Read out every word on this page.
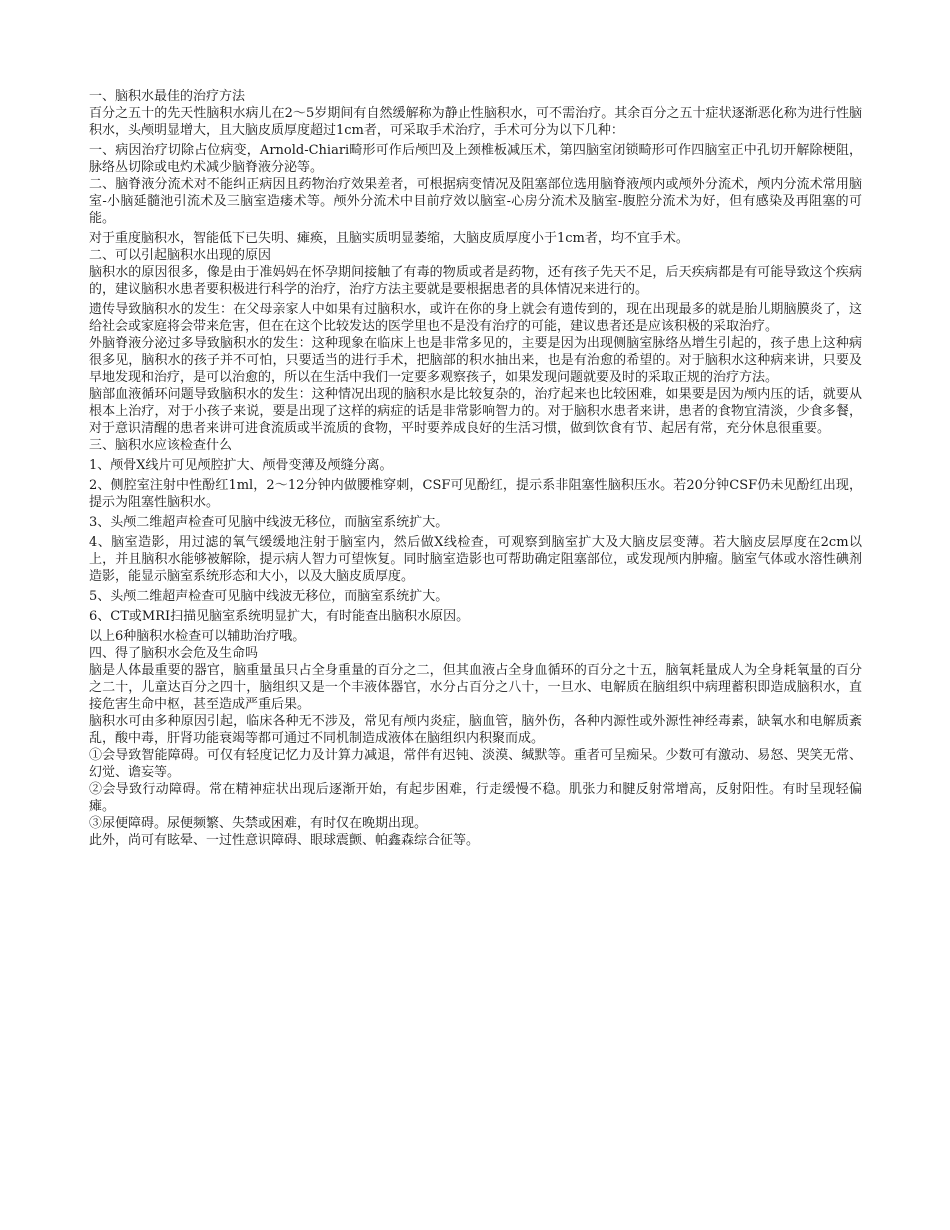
一、脑积水最佳的治疗方法

百分之五十的先天性脑积水病儿在2～5岁期间有自然缓解称为静止性脑积水，可不需治疗。其余百分之五十症状逐渐恶化称为进行性脑积水，头颅明显增大，且大脑皮质厚度超过1cm者，可采取手术治疗，手术可分为以下几种：

一、病因治疗切除占位病变，Arnold-Chiari畸形可作后颅凹及上颈椎板减压术，第四脑室闭锁畸形可作四脑室正中孔切开解除梗阻，脉络丛切除或电灼术减少脑脊液分泌等。

二、脑脊液分流术对不能纠正病因且药物治疗效果差者，可根据病变情况及阻塞部位选用脑脊液颅内或颅外分流术，颅内分流术常用脑室-小脑延髓池引流术及三脑室造瘘术等。颅外分流术中目前疗效以脑室-心房分流术及脑室-腹腔分流术为好，但有感染及再阻塞的可能。

对于重度脑积水，智能低下已失明、瘫痪，且脑实质明显萎缩，大脑皮质厚度小于1cm者，均不宜手术。

二、可以引起脑积水出现的原因

脑积水的原因很多，像是由于准妈妈在怀孕期间接触了有毒的物质或者是药物，还有孩子先天不足，后天疾病都是有可能导致这个疾病的，建议脑积水患者要积极进行科学的治疗，治疗方法主要就是要根据患者的具体情况来进行的。

遗传导致脑积水的发生：在父母亲家人中如果有过脑积水，或许在你的身上就会有遗传到的，现在出现最多的就是胎儿期脑膜炎了，这给社会或家庭将会带来危害，但在在这个比较发达的医学里也不是没有治疗的可能，建议患者还是应该积极的采取治疗。

外脑脊液分泌过多导致脑积水的发生：这种现象在临床上也是非常多见的，主要是因为出现侧脑室脉络丛增生引起的，孩子患上这种病很多见，脑积水的孩子并不可怕，只要适当的进行手术，把脑部的积水抽出来，也是有治愈的希望的。对于脑积水这种病来讲，只要及早地发现和治疗，是可以治愈的，所以在生活中我们一定要多观察孩子，如果发现问题就要及时的采取正规的治疗方法。

脑部血液循环问题导致脑积水的发生：这种情况出现的脑积水是比较复杂的，治疗起来也比较困难，如果要是因为颅内压的话，就要从根本上治疗，对于小孩子来说，要是出现了这样的病症的话是非常影响智力的。对于脑积水患者来讲，患者的食物宜清淡，少食多餐，对于意识清醒的患者来讲可进食流质或半流质的食物，平时要养成良好的生活习惯，做到饮食有节、起居有常，充分休息很重要。

三、脑积水应该检查什么

1、颅骨X线片可见颅腔扩大、颅骨变薄及颅缝分离。

2、侧腔室注射中性酚红1ml，2～12分钟内做腰椎穿刺，CSF可见酚红，提示系非阻塞性脑积压水。若20分钟CSF仍未见酚红出现，提示为阻塞性脑积水。

3、头颅二维超声检查可见脑中线波无移位，而脑室系统扩大。

4、脑室造影，用过滤的氧气缓缓地注射于脑室内，然后做X线检查，可观察到脑室扩大及大脑皮层变薄。若大脑皮层厚度在2cm以上，并且脑积水能够被解除，提示病人智力可望恢复。同时脑室造影也可帮助确定阻塞部位，或发现颅内肿瘤。脑室气体或水溶性碘剂造影，能显示脑室系统形态和大小，以及大脑皮质厚度。

5、头颅二维超声检查可见脑中线波无移位，而脑室系统扩大。

6、CT或MRI扫描见脑室系统明显扩大，有时能查出脑积水原因。

以上6种脑积水检查可以辅助治疗哦。

四、得了脑积水会危及生命吗

脑是人体最重要的器官，脑重量虽只占全身重量的百分之二，但其血液占全身血循环的百分之十五，脑氧耗量成人为全身耗氧量的百分之二十，儿童达百分之四十，脑组织又是一个丰液体器官，水分占百分之八十，一旦水、电解质在脑组织中病理蓄积即造成脑积水，直接危害生命中枢，甚至造成严重后果。

脑积水可由多种原因引起，临床各种无不涉及，常见有颅内炎症，脑血管，脑外伤，各种内源性或外源性神经毒素，缺氧水和电解质紊乱，酸中毒，肝肾功能衰竭等都可通过不同机制造成液体在脑组织内积聚而成。

①会导致智能障碍。可仅有轻度记忆力及计算力减退，常伴有迟钝、淡漠、缄默等。重者可呈痴呆。少数可有激动、易怒、哭笑无常、幻觉、谵妄等。

②会导致行动障碍。常在精神症状出现后逐渐开始，有起步困难，行走缓慢不稳。肌张力和腱反射常增高，反射阳性。有时呈现轻偏瘫。

③尿便障碍。尿便频繁、失禁或困难，有时仅在晚期出现。

此外，尚可有眩晕、一过性意识障碍、眼球震颤、帕鑫森综合征等。
